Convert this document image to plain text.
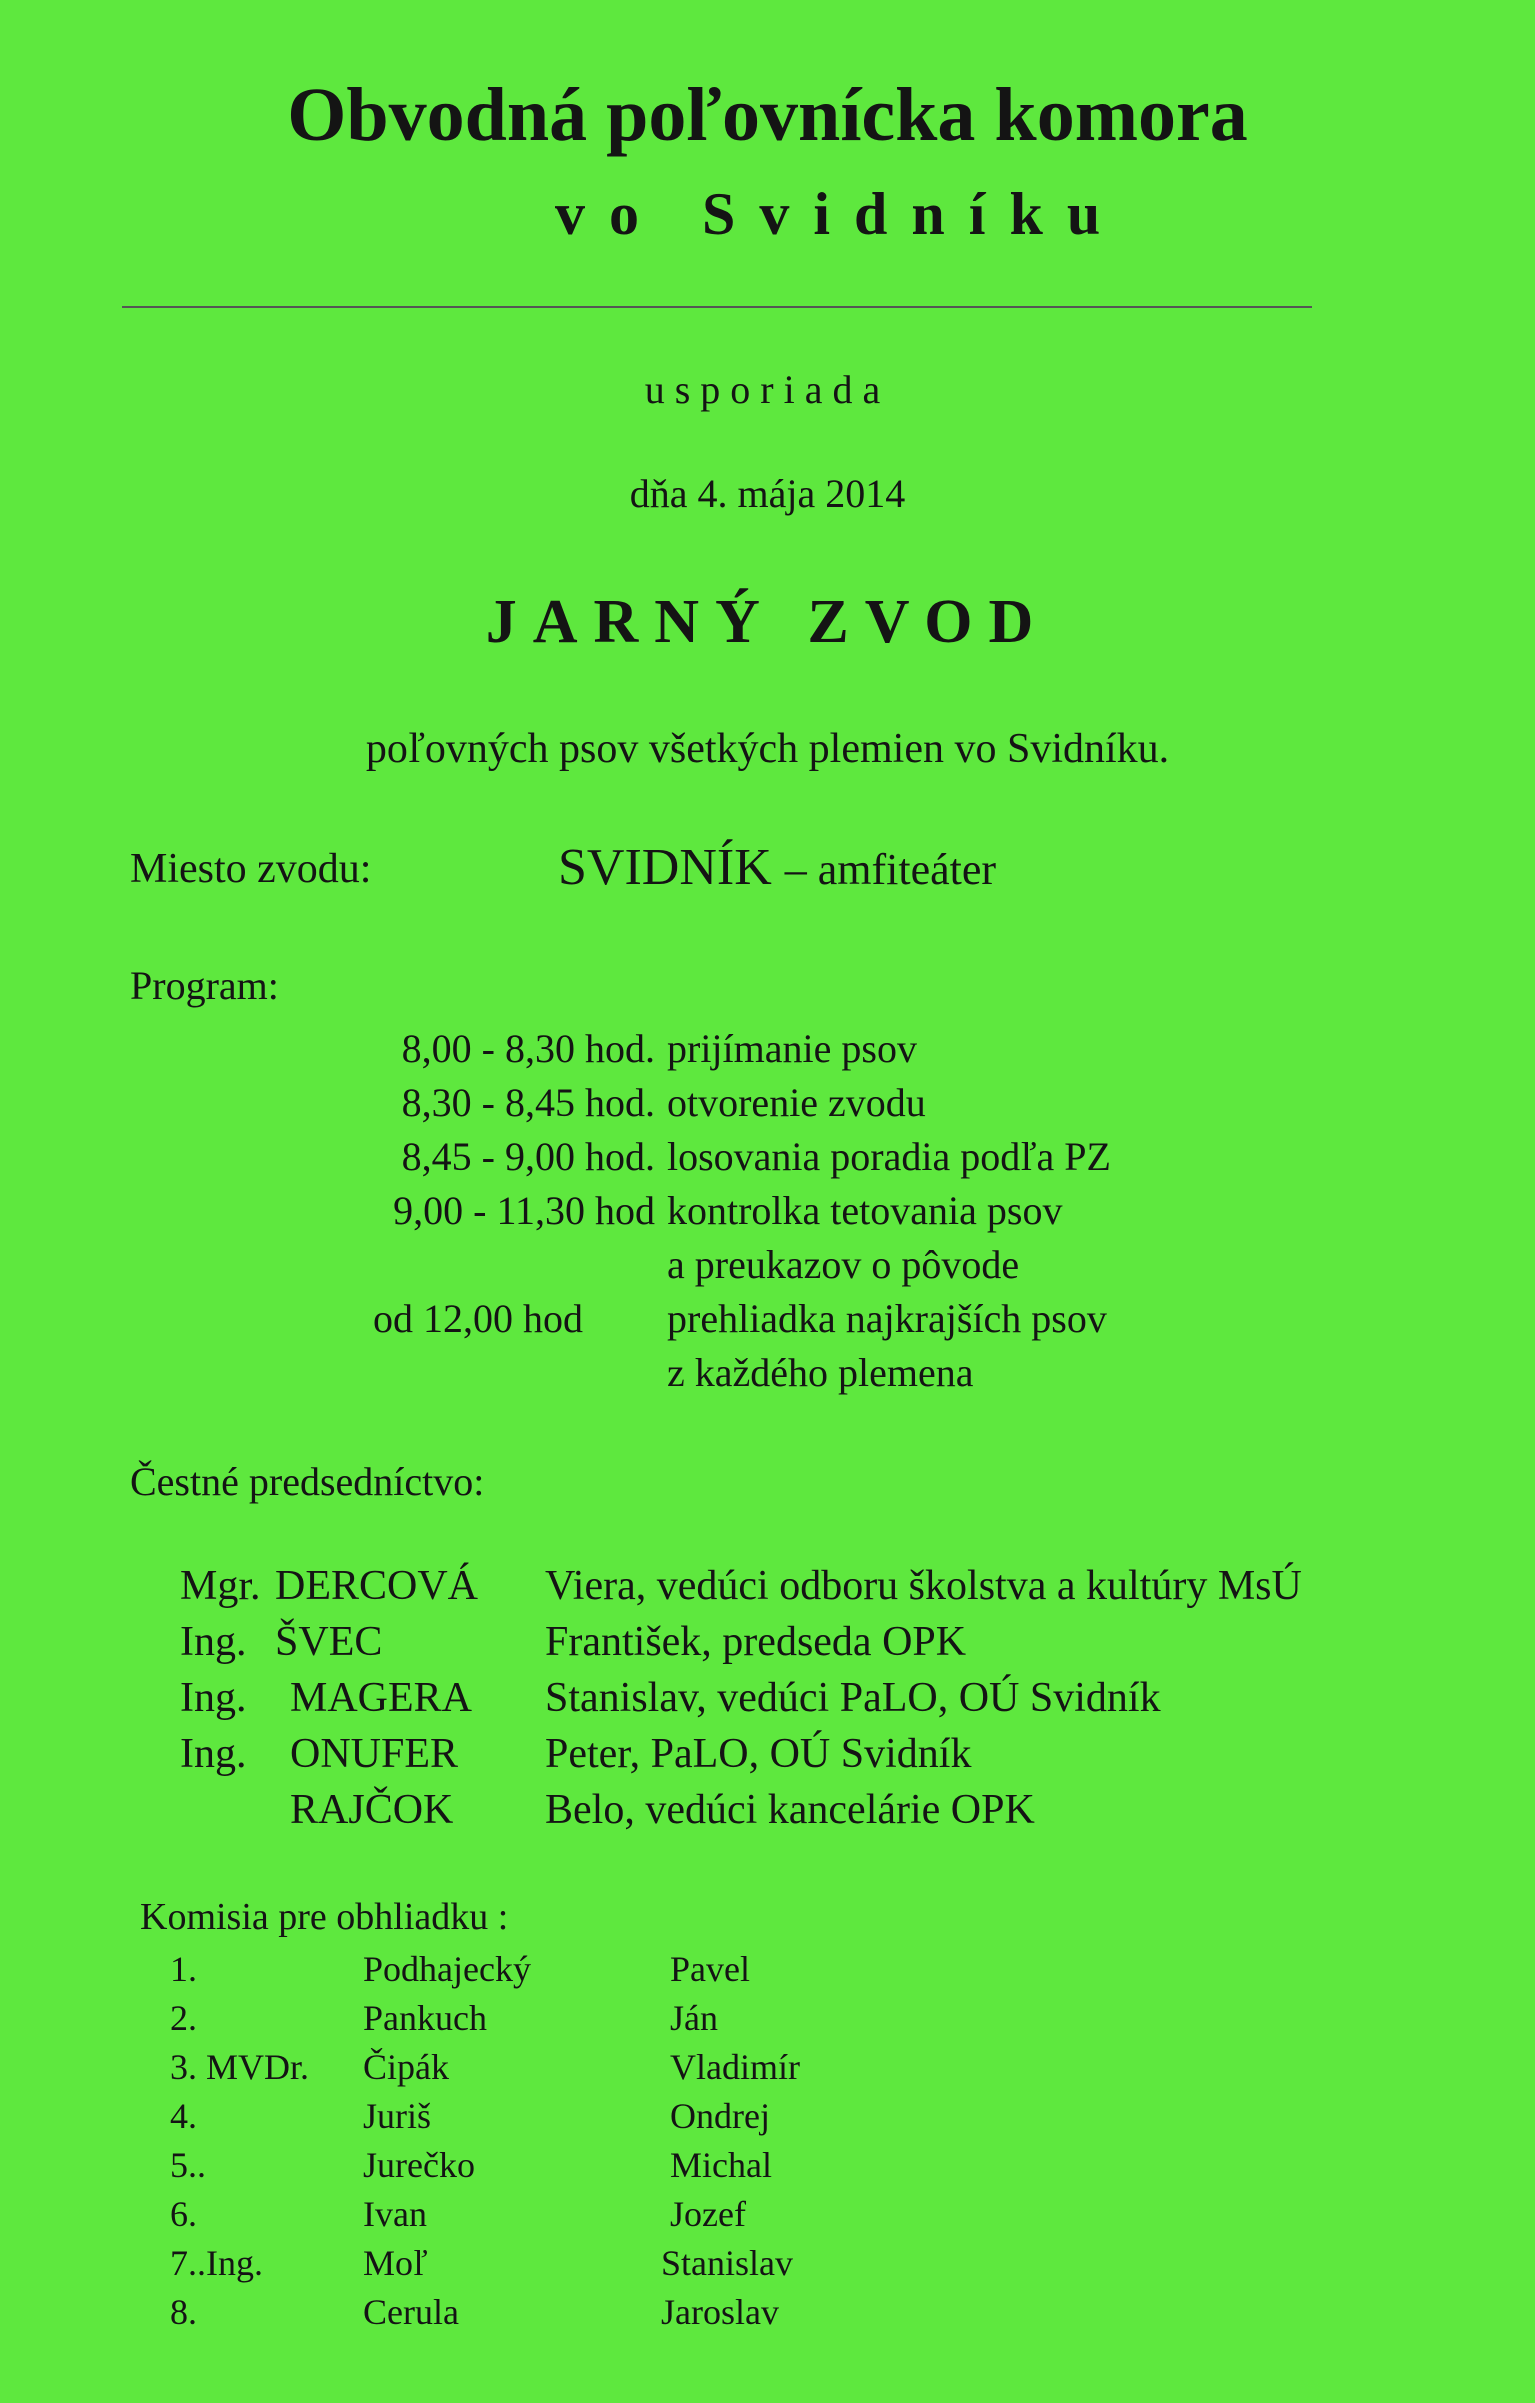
Obvodná poľovnícka komora
vo Svidníku
usporiada
dňa 4. mája 2014
JARNÝ ZVOD
poľovných psov všetkých plemien vo Svidníku.
Miesto zvodu:	SVIDNÍK – amfiteáter
Program:
8,00 - 8,30 hod. prijímanie psov
8,30 - 8,45 hod. otvorenie zvodu
8,45 - 9,00 hod. losovania poradia podľa PZ
9,00 - 11,30 hod kontrolka tetovania psov
a preukazov o pôvode
od 12,00 hod prehliadka najkrajších psov
z každého plemena
Čestné predsedníctvo:
Mgr. DERCOVÁ Viera, vedúci odboru školstva a kultúry MsÚ
Ing. ŠVEC	František, predseda OPK
Ing. MAGERA Stanislav, vedúci PaLO, OÚ Svidník
Ing. ONUFER Peter, PaLO, OÚ Svidník
RAJČOK Belo, vedúci kancelárie OPK
Komisia pre obhliadku :
1.	Podhajecký	Pavel
2.	Pankuch	Ján
3. MVDr. Čipák	Vladimír
4.	Juriš	Ondrej
5..	Jurečko	Michal
6.	Ivan	Jozef
7..Ing.	Moľ	Stanislav
8.	Cerula	Jaroslav
